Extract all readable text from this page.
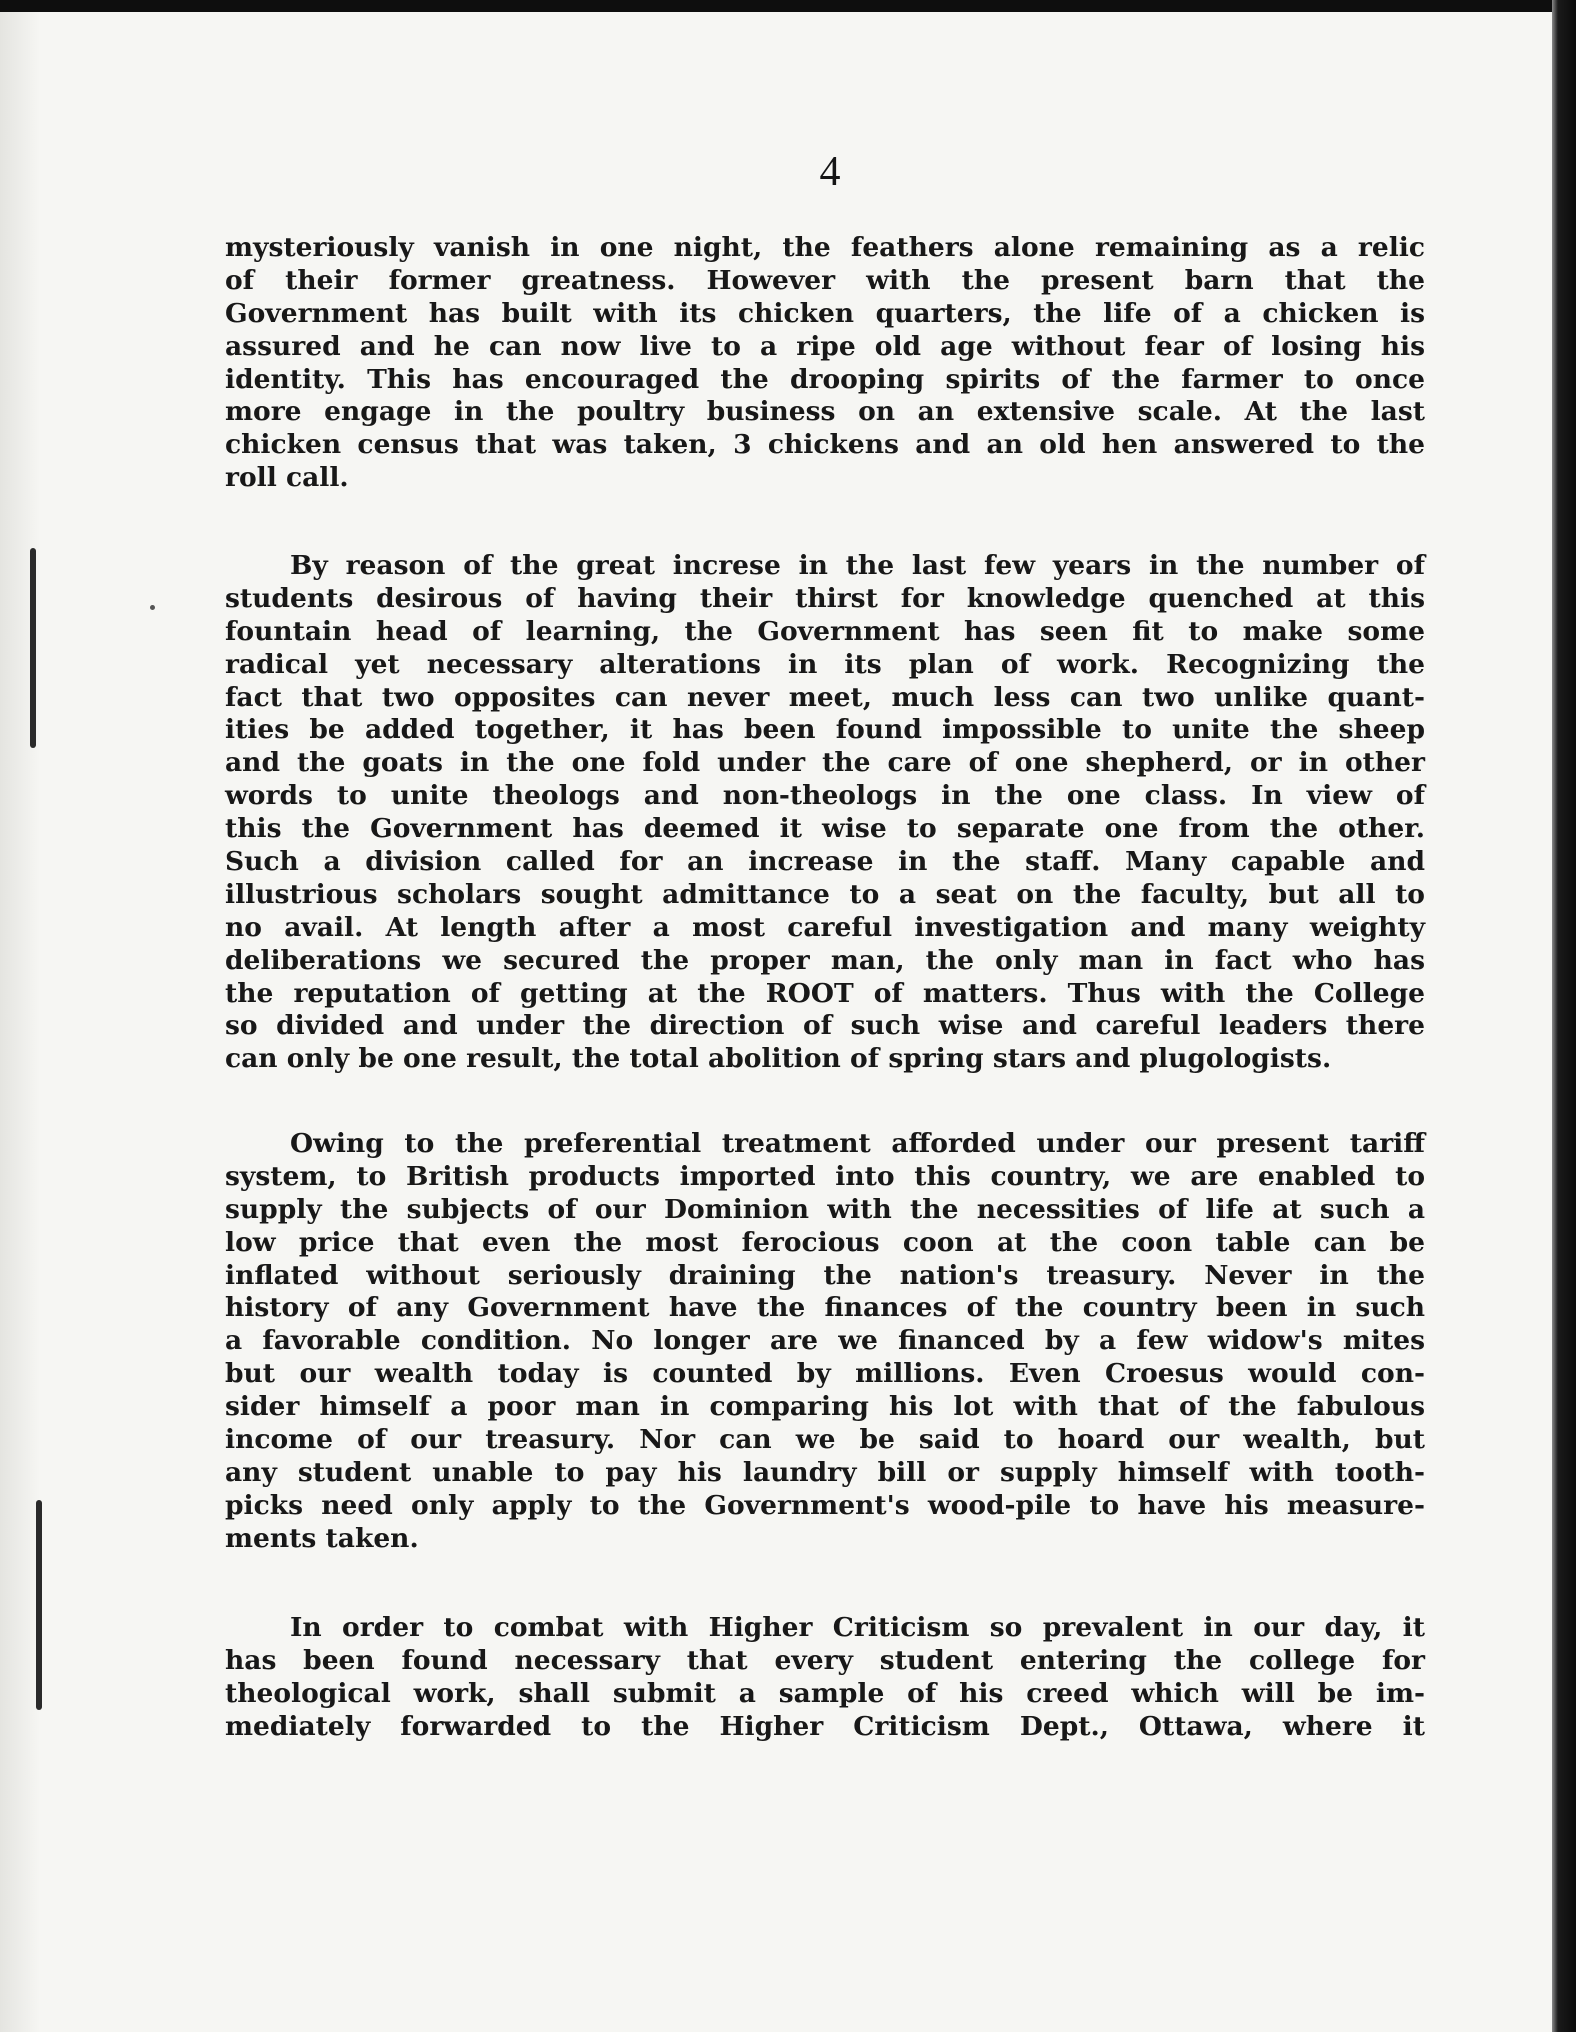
4
mysteriously vanish in one night, the feathers alone remaining as a relic
of their former greatness. However with the present barn that the
Government has built with its chicken quarters, the life of a chicken is
assured and he can now live to a ripe old age without fear of losing his
identity. This has encouraged the drooping spirits of the farmer to once
more engage in the poultry business on an extensive scale. At the last
chicken census that was taken, 3 chickens and an old hen answered to the
roll call.
By reason of the great increse in the last few years in the number of
students desirous of having their thirst for knowledge quenched at this
fountain head of learning, the Government has seen fit to make some
radical yet necessary alterations in its plan of work. Recognizing the
fact that two opposites can never meet, much less can two unlike quant-
ities be added together, it has been found impossible to unite the sheep
and the goats in the one fold under the care of one shepherd, or in other
words to unite theologs and non-theologs in the one class. In view of
this the Government has deemed it wise to separate one from the other.
Such a division called for an increase in the staff. Many capable and
illustrious scholars sought admittance to a seat on the faculty, but all to
no avail. At length after a most careful investigation and many weighty
deliberations we secured the proper man, the only man in fact who has
the reputation of getting at the ROOT of matters. Thus with the College
so divided and under the direction of such wise and careful leaders there
can only be one result, the total abolition of spring stars and plugologists.
Owing to the preferential treatment afforded under our present tariff
system, to British products imported into this country, we are enabled to
supply the subjects of our Dominion with the necessities of life at such a
low price that even the most ferocious coon at the coon table can be
inflated without seriously draining the nation's treasury. Never in the
history of any Government have the finances of the country been in such
a favorable condition. No longer are we financed by a few widow's mites
but our wealth today is counted by millions. Even Croesus would con-
sider himself a poor man in comparing his lot with that of the fabulous
income of our treasury. Nor can we be said to hoard our wealth, but
any student unable to pay his laundry bill or supply himself with tooth-
picks need only apply to the Government's wood-pile to have his measure-
ments taken.
In order to combat with Higher Criticism so prevalent in our day, it
has been found necessary that every student entering the college for
theological work, shall submit a sample of his creed which will be im-
mediately forwarded to the Higher Criticism Dept., Ottawa, where it
